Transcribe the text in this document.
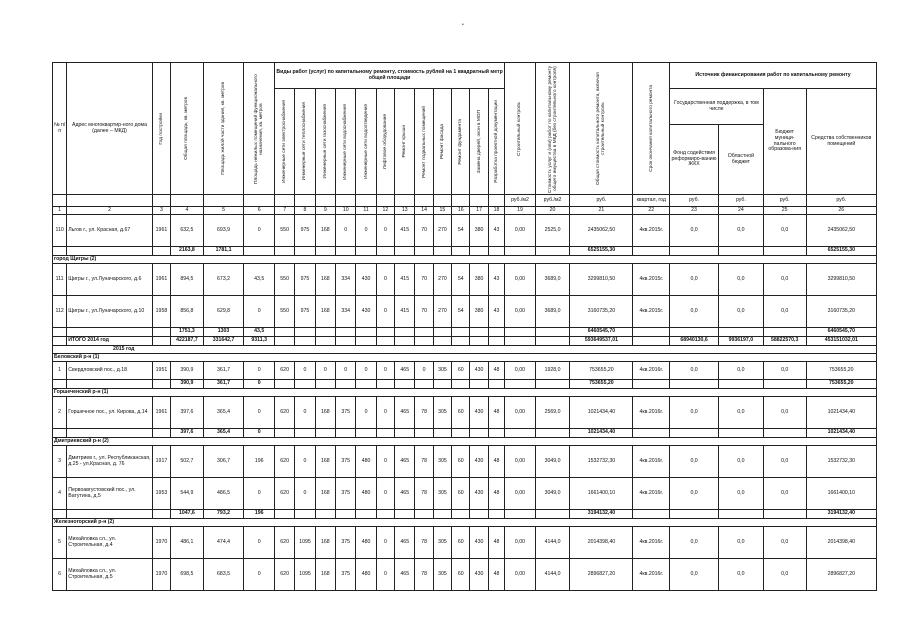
№ п/п	Адрес многоквартир-ного дома (далее – МКД)	Год постройки	Общая площадь, кв. метров	Площадь жилой части здания, кв. метров	Площадь нежилых помещений функционального назначения, кв. метров	Виды работ (услуг) по капитальному ремонту, стоимость рублей на 1 квадратный метр общей площади												Строительный контроль	Стоимость услуг и (или) работ по капитальному ремонту общего имущества в МКД (без строительного контроля)	Общая стоимость капитального ремонта, включая строительный контроль	Срок окончания капитального ремонта	Источник финансирования работ по капитальному ремонту			

						Инженерные сети электроснабжения	Инженерные сети теплоснабжения	Инженерные сети газоснабжения	Инженерные сети водоснабжения	Инженерные сети водоотведения	Лифтовое оборудование	Ремонт крыши	Ремонт подвальных помещений	Ремонт фасада	Ремонт фундамента	Замена дверей, окон в МОП	Разработка проектной документации					Государственная поддержка, в том числе		Бюджет муници-пального образова-ния	Средства собственников помещений
																						Фонд содействия реформиро-ванию ЖКХ	Областной бюджет		
																		руб./м2	руб./м2	руб.	квартал, год	руб.	руб.	руб.	руб.
1	2	3	4	5	6	7	8	9	10	11	12	13	14	15	16	17	18	19	20	21	22	23	24	25	26
110	Льгов г., ул. Красная, д.67	1961	632,5	693,9	0	550	975	168	0	0	0	415	70	270	54	380	43	0,00	2525,0	2435062,50	4кв.2015г.	0,0	0,0	0,0	2435062,50
			2163,8	1781,1																6525155,30					6525155,30
город Щигры (2)																									
111	Щигры г., ул.Луначарского, д.6	1961	894,5	673,2	43,5	550	975	168	334	430	0	415	70	270	54	380	43	0,00	3689,0	3299810,50	4кв.2015г.	0,0	0,0	0,0	3299810,50
112	Щигры г., ул.Луначарского, д.10	1958	856,8	629,8	0	550	975	168	334	430	0	415	70	270	54	380	43	0,00	3689,0	3160735,20	4кв.2015г.	0,0	0,0	0,0	3160735,20
			1751,3	1303	43,5															6460545,70					6460545,70
	ИТОГО 2014 год		422187,7	331642,7	9311,3															593649537,01		68940130,6	9936197,0	58822570,3	453151032,01
2015 год																									
Беловский р-н (1)																									
1	Свердловский пос., д.18	1951	390,9	361,7	0	620	0	0	0	0	0	465	0	305	60	430	48	0,00	1928,0	753655,20	4кв.2016г.	0,0	0,0	0,0	753655,20
			390,9	361,7	0															753655,20					753655,20
Горшеченский р-н (1)																									
2	Горшечное пос., ул. Кирова, д.14	1961	397,6	365,4	0	620	0	168	375	0	0	465	78	305	60	430	48	0,00	2569,0	1021434,40	4кв.2016г.	0,0	0,0	0,0	1021434,40
			397,6	365,4	0															1021434,40					1021434,40
Дмитриевский р-н (2)																									
3	Дмитриев г., ул. Республиканская, д.25 - ул.Красная, д. 76	1917	502,7	306,7	196	620	0	168	375	480	0	465	78	305	60	430	48	0,00	3049,0	1532732,30	4кв.2016г.	0,0	0,0	0,0	1532732,30
4	Первоавгустовский пос., ул. Ватутина, д.5	1953	544,9	486,5	0	620	0	168	375	480	0	465	78	305	60	430	48	0,00	3049,0	1661400,10	4кв.2016г.	0,0	0,0	0,0	1661400,10
			1047,6	793,2	196															3194132,40					3194132,40
Железногорский р-н (2)																									
5	Михайловка сл., ул. Строительная, д.4	1970	486,1	474,4	0	620	1095	168	375	480	0	465	78	305	60	430	48	0,00	4144,0	2014398,40	4кв.2016г.	0,0	0,0	0,0	2014398,40
6	Михайловка сл., ул. Строительная, д.5	1970	698,5	683,5	0	620	1095	168	375	480	0	465	78	305	60	430	48	0,00	4144,0	2896827,20	4кв.2016г.	0,0	0,0	0,0	2896827,20
•
